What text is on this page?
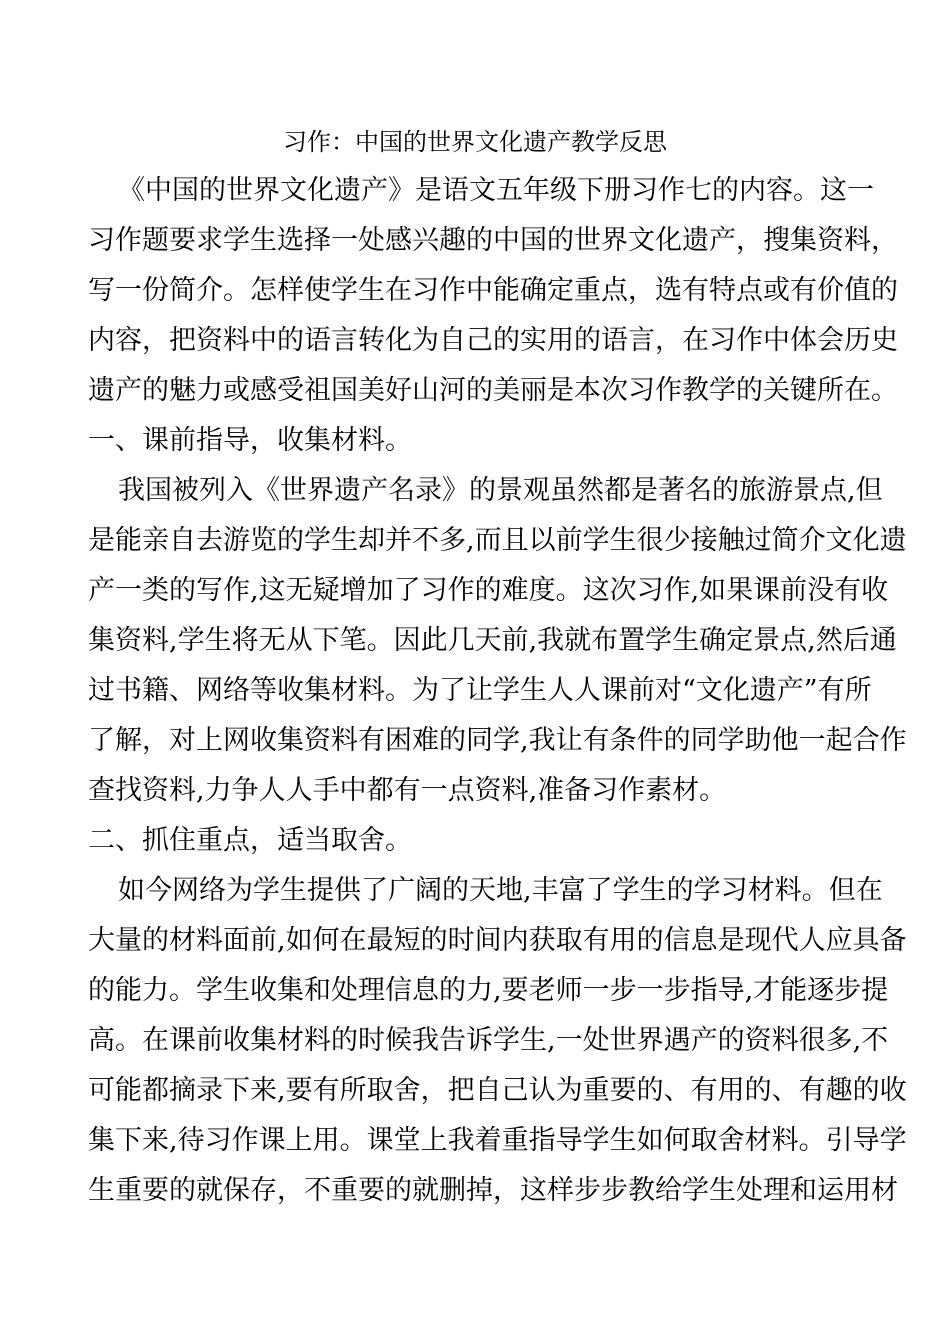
习作：中国的世界文化遗产教学反思
《中国的世界文化遗产》是语文五年级下册习作七的内容。这一
习作题要求学生选择一处感兴趣的中国的世界文化遗产，搜集资料，
写一份简介。怎样使学生在习作中能确定重点，选有特点或有价值的
内容，把资料中的语言转化为自己的实用的语言，在习作中体会历史
遗产的魅力或感受祖国美好山河的美丽是本次习作教学的关键所在。
一、课前指导，收集材料。
我国被列入《世界遗产名录》的景观虽然都是著名的旅游景点,但
是能亲自去游览的学生却并不多,而且以前学生很少接触过简介文化遗
产一类的写作,这无疑增加了习作的难度。这次习作,如果课前没有收
集资料,学生将无从下笔。因此几天前,我就布置学生确定景点,然后通
过书籍、网络等收集材料。为了让学生人人课前对“文化遗产”有所
了解，对上网收集资料有困难的同学,我让有条件的同学助他一起合作
查找资料,力争人人手中都有一点资料,准备习作素材。
二、抓住重点，适当取舍。
如今网络为学生提供了广阔的天地,丰富了学生的学习材料。但在
大量的材料面前,如何在最短的时间内获取有用的信息是现代人应具备
的能力。学生收集和处理信息的力,要老师一步一步指导,才能逐步提
高。在课前收集材料的时候我告诉学生,一处世界遇产的资料很多,不
可能都摘录下来,要有所取舍，把自己认为重要的、有用的、有趣的收
集下来,待习作课上用。课堂上我着重指导学生如何取舍材料。引导学
生重要的就保存，不重要的就删掉，这样步步教给学生处理和运用材
